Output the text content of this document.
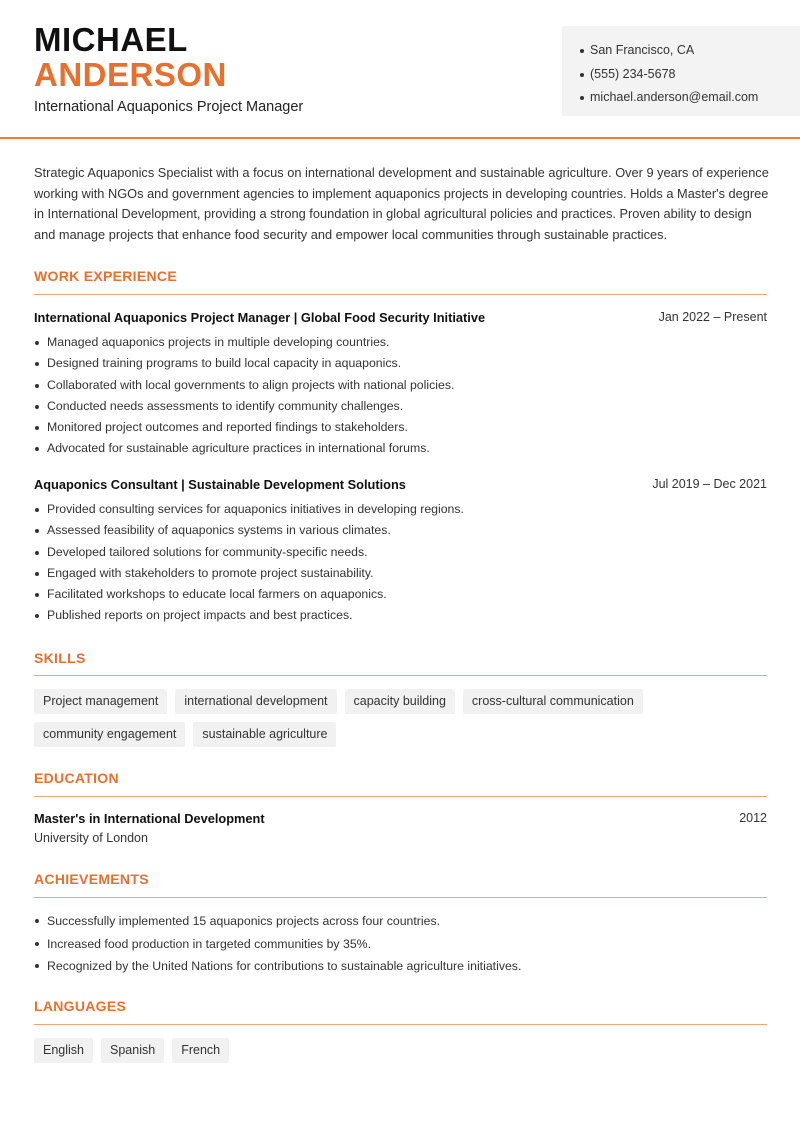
MICHAEL
ANDERSON
International Aquaponics Project Manager
San Francisco, CA
(555) 234-5678
michael.anderson@email.com

Strategic Aquaponics Specialist with a focus on international development and sustainable agriculture. Over 9 years of experience working with NGOs and government agencies to implement aquaponics projects in developing countries. Holds a Master's degree in International Development, providing a strong foundation in global agricultural policies and practices. Proven ability to design and manage projects that enhance food security and empower local communities through sustainable practices.

WORK EXPERIENCE
International Aquaponics Project Manager | Global Food Security Initiative	Jan 2022 – Present
Managed aquaponics projects in multiple developing countries.
Designed training programs to build local capacity in aquaponics.
Collaborated with local governments to align projects with national policies.
Conducted needs assessments to identify community challenges.
Monitored project outcomes and reported findings to stakeholders.
Advocated for sustainable agriculture practices in international forums.
Aquaponics Consultant | Sustainable Development Solutions	Jul 2019 – Dec 2021
Provided consulting services for aquaponics initiatives in developing regions.
Assessed feasibility of aquaponics systems in various climates.
Developed tailored solutions for community-specific needs.
Engaged with stakeholders to promote project sustainability.
Facilitated workshops to educate local farmers on aquaponics.
Published reports on project impacts and best practices.
SKILLS
Project management	international development	capacity building	cross-cultural communication
community engagement	sustainable agriculture
EDUCATION
Master's in International Development
University of London
2012
ACHIEVEMENTS
Successfully implemented 15 aquaponics projects across four countries.
Increased food production in targeted communities by 35%.
Recognized by the United Nations for contributions to sustainable agriculture initiatives.
LANGUAGES
English	Spanish	French
